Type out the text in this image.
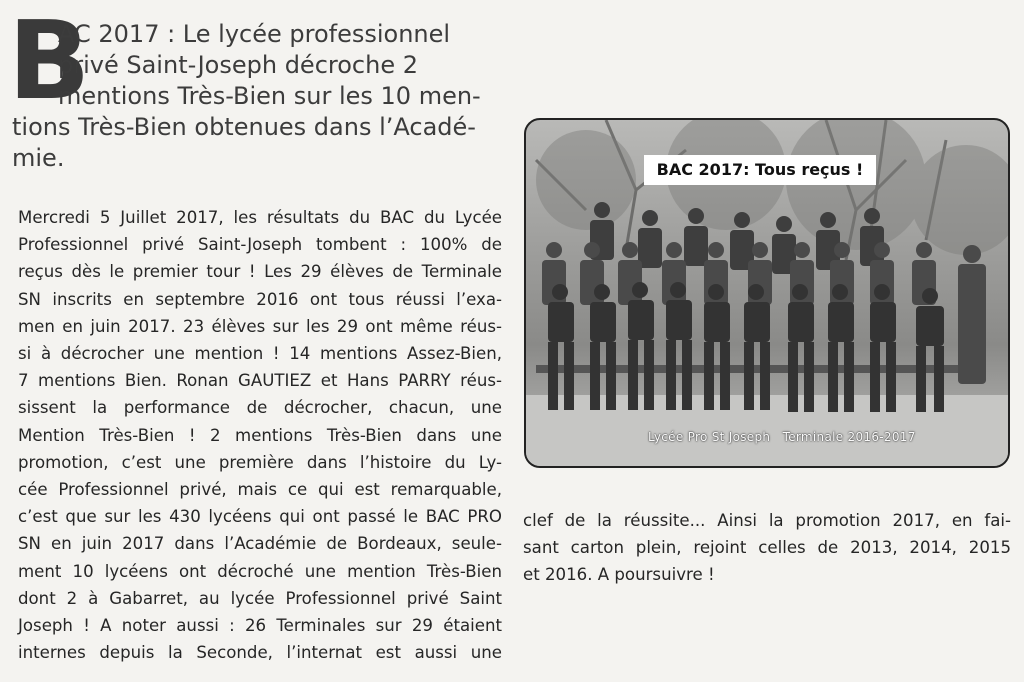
B
AC 2017 : Le lycée professionnel
privé Saint-Joseph décroche 2
mentions Très-Bien sur les 10 men-
tions Très-Bien obtenues dans l’Acadé-
mie.

Mercredi 5 Juillet 2017, les résultats du BAC du Lycée
Professionnel privé Saint-Joseph tombent : 100% de
reçus dès le premier tour ! Les 29 élèves de Terminale
SN inscrits en septembre 2016 ont tous réussi l’exa-
men en juin 2017. 23 élèves sur les 29 ont même réus-
si à décrocher une mention ! 14 mentions Assez-Bien,
7 mentions Bien. Ronan GAUTIEZ et Hans PARRY réus-
sissent la performance de décrocher, chacun, une
Mention Très-Bien ! 2 mentions Très-Bien dans une
promotion, c’est une première dans l’histoire du Ly-
cée Professionnel privé, mais ce qui est remarquable,
c’est que sur les 430 lycéens qui ont passé le BAC PRO
SN en juin 2017 dans l’Académie de Bordeaux, seule-
ment 10 lycéens ont décroché une mention Très-Bien
dont 2 à Gabarret, au lycée Professionnel privé Saint
Joseph ! A noter aussi : 26 Terminales sur 29 étaient
internes depuis la Seconde, l’internat est aussi une

BAC 2017: Tous reçus !
Lycée Pro St Joseph   Terminale 2016-2017

clef de la réussite... Ainsi la promotion 2017, en fai-
sant carton plein, rejoint celles de 2013, 2014, 2015
et 2016. A poursuivre !
